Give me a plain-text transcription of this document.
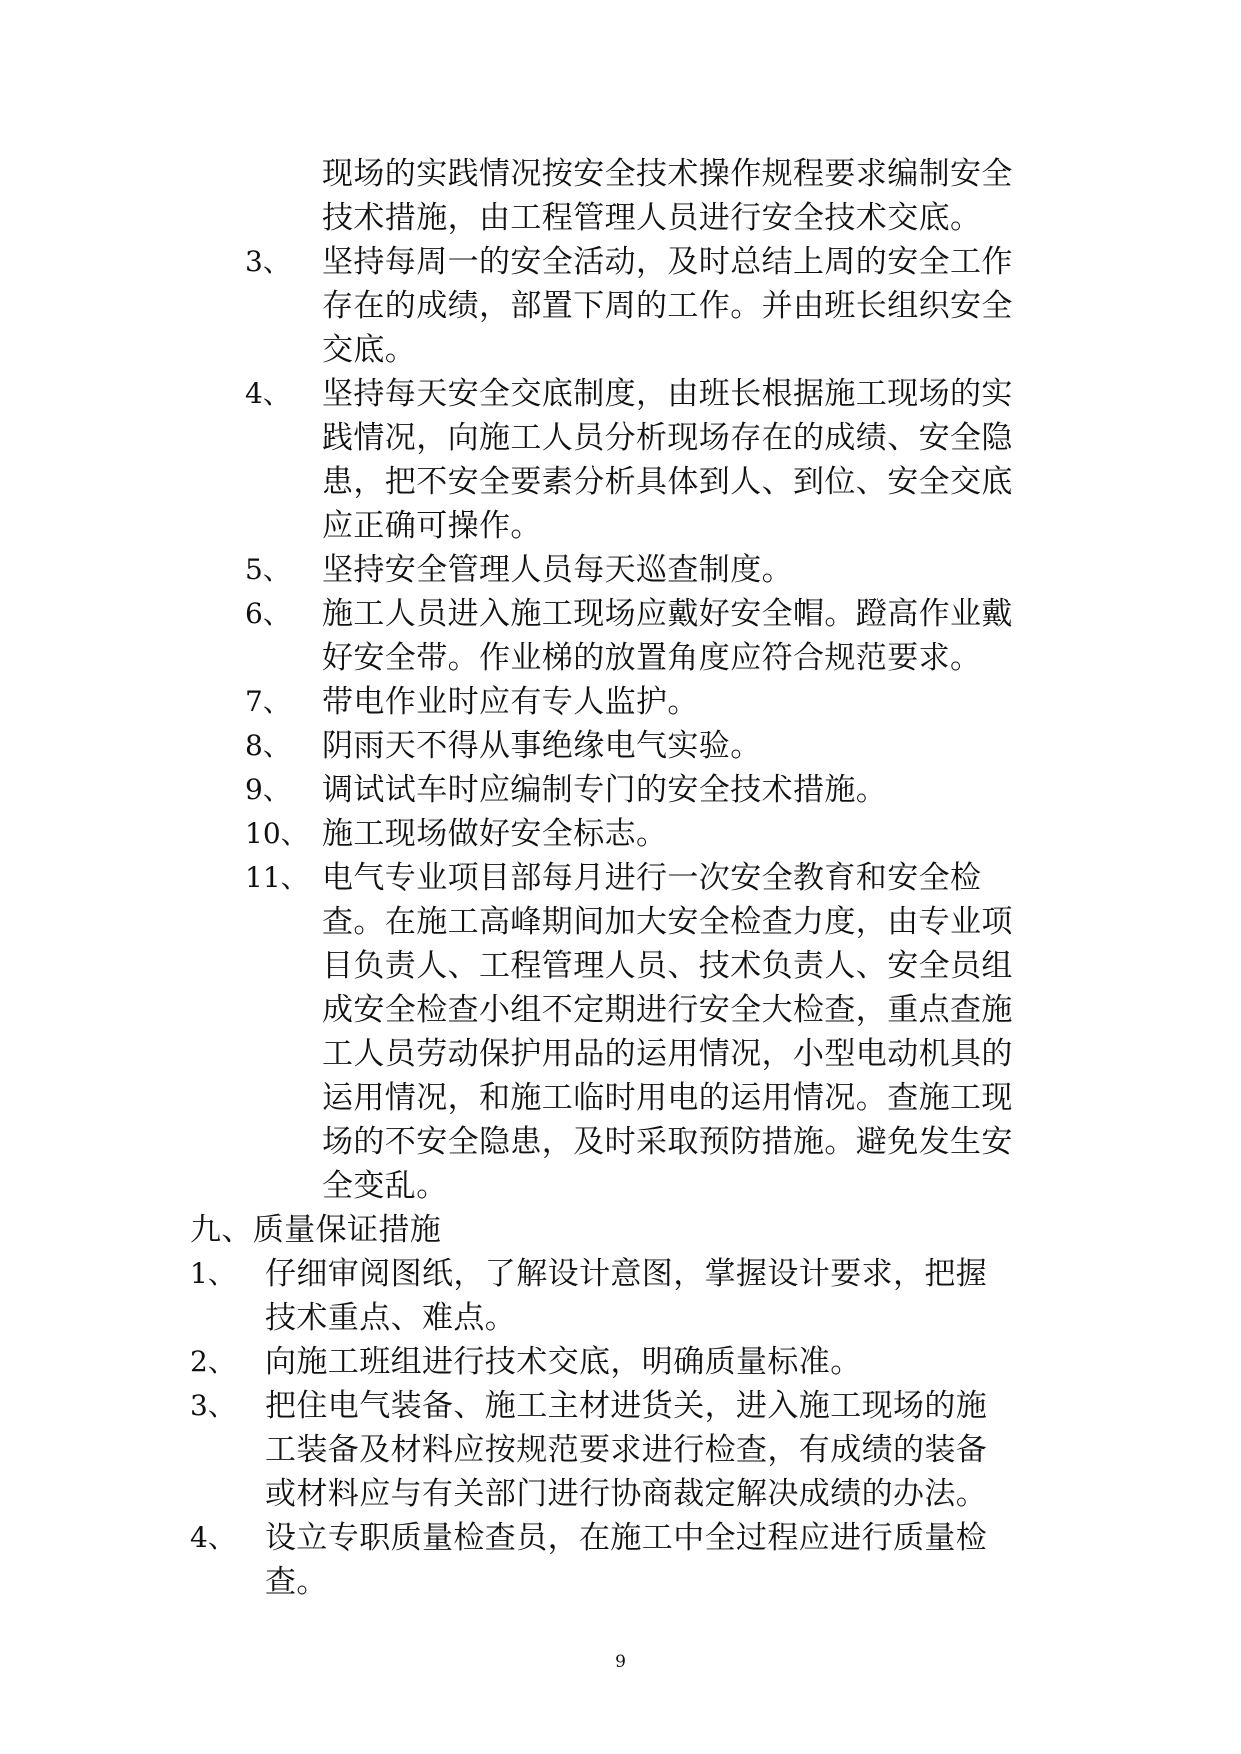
现场的实践情况按安全技术操作规程要求编制安全
技术措施，由工程管理人员进行安全技术交底。
3、 坚持每周一的安全活动，及时总结上周的安全工作
存在的成绩，部置下周的工作。并由班长组织安全
交底。
4、 坚持每天安全交底制度，由班长根据施工现场的实
践情况，向施工人员分析现场存在的成绩、安全隐
患，把不安全要素分析具体到人、到位、安全交底
应正确可操作。
5、 坚持安全管理人员每天巡查制度。
6、 施工人员进入施工现场应戴好安全帽。蹬高作业戴
好安全带。作业梯的放置角度应符合规范要求。
7、 带电作业时应有专人监护。
8、 阴雨天不得从事绝缘电气实验。
9、 调试试车时应编制专门的安全技术措施。
10、 施工现场做好安全标志。
11、 电气专业项目部每月进行一次安全教育和安全检
查。在施工高峰期间加大安全检查力度，由专业项
目负责人、工程管理人员、技术负责人、安全员组
成安全检查小组不定期进行安全大检查，重点查施
工人员劳动保护用品的运用情况，小型电动机具的
运用情况，和施工临时用电的运用情况。查施工现
场的不安全隐患，及时采取预防措施。避免发生安
全变乱。
九、质量保证措施
1、 仔细审阅图纸，了解设计意图，掌握设计要求，把握
技术重点、难点。
2、 向施工班组进行技术交底，明确质量标准。
3、 把住电气装备、施工主材进货关，进入施工现场的施
工装备及材料应按规范要求进行检查，有成绩的装备
或材料应与有关部门进行协商裁定解决成绩的办法。
4、 设立专职质量检查员，在施工中全过程应进行质量检
查。
9
